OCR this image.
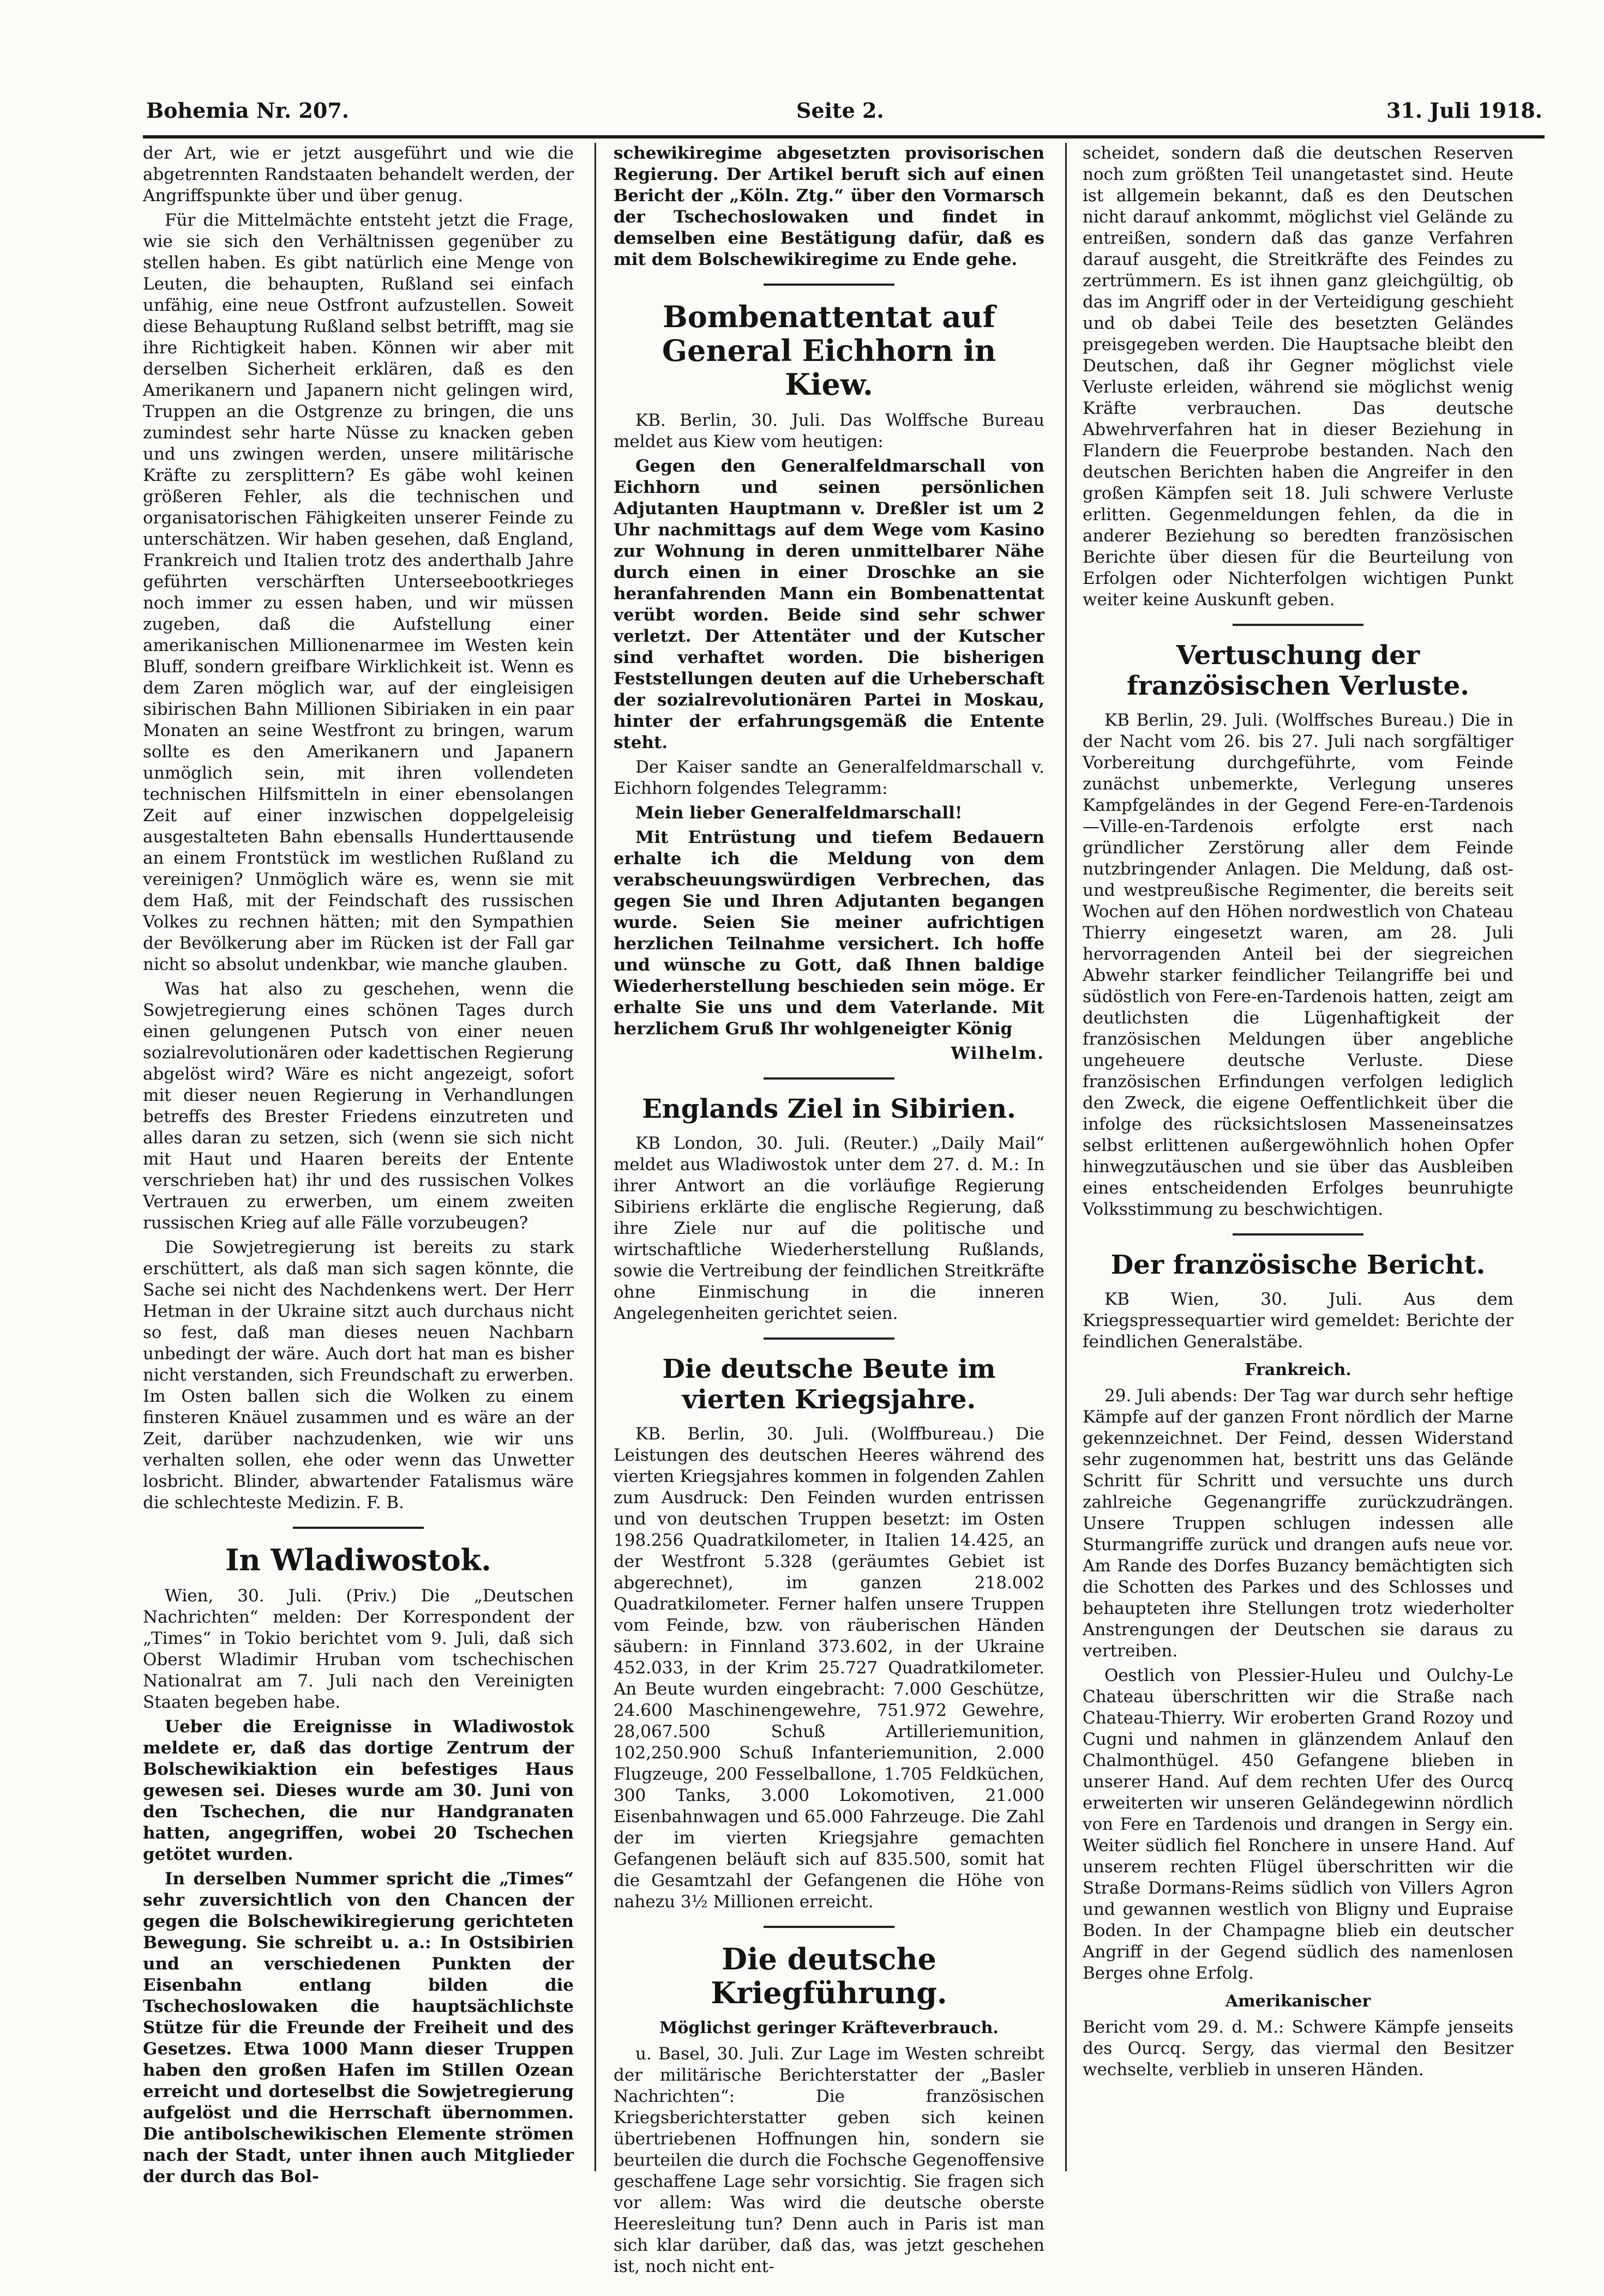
Bohemia Nr. 207.	Seite 2.	31. Juli 1918.

der Art, wie er jetzt ausgeführt und wie die abgetrennten Randstaaten behandelt werden, der Angriffspunkte über und über genug.

Für die Mittelmächte entsteht jetzt die Frage, wie sie sich den Verhältnissen gegenüber zu stellen haben. Es gibt natürlich eine Menge von Leuten, die behaupten, Rußland sei einfach unfähig, eine neue Ostfront aufzustellen. Soweit diese Behauptung Rußland selbst betrifft, mag sie ihre Richtigkeit haben. Können wir aber mit derselben Sicherheit erklären, daß es den Amerikanern und Japanern nicht gelingen wird, Truppen an die Ostgrenze zu bringen, die uns zumindest sehr harte Nüsse zu knacken geben und uns zwingen werden, unsere militärische Kräfte zu zersplittern? Es gäbe wohl keinen größeren Fehler, als die technischen und organisatorischen Fähigkeiten unserer Feinde zu unterschätzen. Wir haben gesehen, daß England, Frankreich und Italien trotz des anderthalb Jahre geführten verschärften Unterseebootkrieges noch immer zu essen haben, und wir müssen zugeben, daß die Aufstellung einer amerikanischen Millionenarmee im Westen kein Bluff, sondern greifbare Wirklichkeit ist. Wenn es dem Zaren möglich war, auf der eingleisigen sibirischen Bahn Millionen Sibiriaken in ein paar Monaten an seine Westfront zu bringen, warum sollte es den Amerikanern und Japanern unmöglich sein, mit ihren vollendeten technischen Hilfsmitteln in einer ebensolangen Zeit auf einer inzwischen doppelgeleisig ausgestalteten Bahn ebensalls Hunderttausende an einem Frontstück im westlichen Rußland zu vereinigen? Unmöglich wäre es, wenn sie mit dem Haß, mit der Feindschaft des russischen Volkes zu rechnen hätten; mit den Sympathien der Bevölkerung aber im Rücken ist der Fall gar nicht so absolut undenkbar, wie manche glauben.

Was hat also zu geschehen, wenn die Sowjetregierung eines schönen Tages durch einen gelungenen Putsch von einer neuen sozialrevolutionären oder kadettischen Regierung abgelöst wird? Wäre es nicht angezeigt, sofort mit dieser neuen Regierung in Verhandlungen betreffs des Brester Friedens einzutreten und alles daran zu setzen, sich (wenn sie sich nicht mit Haut und Haaren bereits der Entente verschrieben hat) ihr und des russischen Volkes Vertrauen zu erwerben, um einem zweiten russischen Krieg auf alle Fälle vorzubeugen?

Die Sowjetregierung ist bereits zu stark erschüttert, als daß man sich sagen könnte, die Sache sei nicht des Nachdenkens wert. Der Herr Hetman in der Ukraine sitzt auch durchaus nicht so fest, daß man dieses neuen Nachbarn unbedingt der wäre. Auch dort hat man es bisher nicht verstanden, sich Freundschaft zu erwerben. Im Osten ballen sich die Wolken zu einem finsteren Knäuel zusammen und es wäre an der Zeit, darüber nachzudenken, wie wir uns verhalten sollen, ehe oder wenn das Unwetter losbricht. Blinder, abwartender Fatalismus wäre die schlechteste Medizin. F. B.

In Wladiwostok.

Wien, 30. Juli. (Priv.) Die „Deutschen Nachrichten“ melden: Der Korrespondent der „Times“ in Tokio berichtet vom 9. Juli, daß sich Oberst Wladimir Hruban vom tschechischen Nationalrat am 7. Juli nach den Vereinigten Staaten begeben habe.

Ueber die Ereignisse in Wladiwostok meldete er, daß das dortige Zentrum der Bolschewikiaktion ein befestiges Haus gewesen sei. Dieses wurde am 30. Juni von den Tschechen, die nur Handgranaten hatten, angegriffen, wobei 20 Tschechen getötet wurden.

In derselben Nummer spricht die „Times“ sehr zuversichtlich von den Chancen der gegen die Bolschewikiregierung gerichteten Bewegung. Sie schreibt u. a.: In Ostsibirien und an verschiedenen Punkten der Eisenbahn entlang bilden die Tschechoslowaken die hauptsächlichste Stütze für die Freunde der Freiheit und des Gesetzes. Etwa 1000 Mann dieser Truppen haben den großen Hafen im Stillen Ozean erreicht und dorteselbst die Sowjetregierung aufgelöst und die Herrschaft übernommen. Die antibolschewikischen Elemente strömen nach der Stadt, unter ihnen auch Mitglieder der durch das Bol-

schewikiregime abgesetzten provisorischen Regierung. Der Artikel beruft sich auf einen Bericht der „Köln. Ztg.“ über den Vormarsch der Tschechoslowaken und findet in demselben eine Bestätigung dafür, daß es mit dem Bolschewikiregime zu Ende gehe.

Bombenattentat auf General Eichhorn in Kiew.

KB. Berlin, 30. Juli. Das Wolffsche Bureau meldet aus Kiew vom heutigen:

Gegen den Generalfeldmarschall von Eichhorn und seinen persönlichen Adjutanten Hauptmann v. Dreßler ist um 2 Uhr nachmittags auf dem Wege vom Kasino zur Wohnung in deren unmittelbarer Nähe durch einen in einer Droschke an sie heranfahrenden Mann ein Bombenattentat verübt worden. Beide sind sehr schwer verletzt. Der Attentäter und der Kutscher sind verhaftet worden. Die bisherigen Feststellungen deuten auf die Urheberschaft der sozialrevolutionären Partei in Moskau, hinter der erfahrungsgemäß die Entente steht.

Der Kaiser sandte an Generalfeldmarschall v. Eichhorn folgendes Telegramm:

Mein lieber Generalfeldmarschall!

Mit Entrüstung und tiefem Bedauern erhalte ich die Meldung von dem verabscheuungswürdigen Verbrechen, das gegen Sie und Ihren Adjutanten begangen wurde. Seien Sie meiner aufrichtigen herzlichen Teilnahme versichert. Ich hoffe und wünsche zu Gott, daß Ihnen baldige Wiederherstellung beschieden sein möge. Er erhalte Sie uns und dem Vaterlande. Mit herzlichem Gruß Ihr wohlgeneigter König

Wilhelm.

Englands Ziel in Sibirien.

KB London, 30. Juli. (Reuter.) „Daily Mail“ meldet aus Wladiwostok unter dem 27. d. M.: In ihrer Antwort an die vorläufige Regierung Sibiriens erklärte die englische Regierung, daß ihre Ziele nur auf die politische und wirtschaftliche Wiederherstellung Rußlands, sowie die Vertreibung der feindlichen Streitkräfte ohne Einmischung in die inneren Angelegenheiten gerichtet seien.

Die deutsche Beute im vierten Kriegsjahre.

KB. Berlin, 30. Juli. (Wolffbureau.) Die Leistungen des deutschen Heeres während des vierten Kriegsjahres kommen in folgenden Zahlen zum Ausdruck: Den Feinden wurden entrissen und von deutschen Truppen besetzt: im Osten 198.256 Quadratkilometer, in Italien 14.425, an der Westfront 5.328 (geräumtes Gebiet ist abgerechnet), im ganzen 218.002 Quadratkilometer. Ferner halfen unsere Truppen vom Feinde, bzw. von räuberischen Händen säubern: in Finnland 373.602, in der Ukraine 452.033, in der Krim 25.727 Quadratkilometer. An Beute wurden eingebracht: 7.000 Geschütze, 24.600 Maschinengewehre, 751.972 Gewehre, 28,067.500 Schuß Artilleriemunition, 102,250.900 Schuß Infanteriemunition, 2.000 Flugzeuge, 200 Fesselballone, 1.705 Feldküchen, 300 Tanks, 3.000 Lokomotiven, 21.000 Eisenbahnwagen und 65.000 Fahrzeuge. Die Zahl der im vierten Kriegsjahre gemachten Gefangenen beläuft sich auf 835.500, somit hat die Gesamtzahl der Gefangenen die Höhe von nahezu 3½ Millionen erreicht.

Die deutsche Kriegführung.
Möglichst geringer Kräfteverbrauch.

u. Basel, 30. Juli. Zur Lage im Westen schreibt der militärische Berichterstatter der „Basler Nachrichten“: Die französischen Kriegsberichterstatter geben sich keinen übertriebenen Hoffnungen hin, sondern sie beurteilen die durch die Fochsche Gegenoffensive geschaffene Lage sehr vorsichtig. Sie fragen sich vor allem: Was wird die deutsche oberste Heeresleitung tun? Denn auch in Paris ist man sich klar darüber, daß das, was jetzt geschehen ist, noch nicht ent-

scheidet, sondern daß die deutschen Reserven noch zum größten Teil unangetastet sind. Heute ist allgemein bekannt, daß es den Deutschen nicht darauf ankommt, möglichst viel Gelände zu entreißen, sondern daß das ganze Verfahren darauf ausgeht, die Streitkräfte des Feindes zu zertrümmern. Es ist ihnen ganz gleichgültig, ob das im Angriff oder in der Verteidigung geschieht und ob dabei Teile des besetzten Geländes preisgegeben werden. Die Hauptsache bleibt den Deutschen, daß ihr Gegner möglichst viele Verluste erleiden, während sie möglichst wenig Kräfte verbrauchen. Das deutsche Abwehrverfahren hat in dieser Beziehung in Flandern die Feuerprobe bestanden. Nach den deutschen Berichten haben die Angreifer in den großen Kämpfen seit 18. Juli schwere Verluste erlitten. Gegenmeldungen fehlen, da die in anderer Beziehung so beredten französischen Berichte über diesen für die Beurteilung von Erfolgen oder Nichterfolgen wichtigen Punkt weiter keine Auskunft geben.

Vertuschung der französischen Verluste.

KB Berlin, 29. Juli. (Wolffsches Bureau.) Die in der Nacht vom 26. bis 27. Juli nach sorgfältiger Vorbereitung durchgeführte, vom Feinde zunächst unbemerkte, Verlegung unseres Kampfgeländes in der Gegend Fere-en-Tardenois—Ville-en-Tardenois erfolgte erst nach gründlicher Zerstörung aller dem Feinde nutzbringender Anlagen. Die Meldung, daß ost- und westpreußische Regimenter, die bereits seit Wochen auf den Höhen nordwestlich von Chateau Thierry eingesetzt waren, am 28. Juli hervorragenden Anteil bei der siegreichen Abwehr starker feindlicher Teilangriffe bei und südöstlich von Fere-en-Tardenois hatten, zeigt am deutlichsten die Lügenhaftigkeit der französischen Meldungen über angebliche ungeheuere deutsche Verluste. Diese französischen Erfindungen verfolgen lediglich den Zweck, die eigene Oeffentlichkeit über die infolge des rücksichtslosen Masseneinsatzes selbst erlittenen außergewöhnlich hohen Opfer hinwegzutäuschen und sie über das Ausbleiben eines entscheidenden Erfolges beunruhigte Volksstimmung zu beschwichtigen.

Der französische Bericht.

KB Wien, 30. Juli. Aus dem Kriegspressequartier wird gemeldet: Berichte der feindlichen Generalstäbe.

Frankreich.

29. Juli abends: Der Tag war durch sehr heftige Kämpfe auf der ganzen Front nördlich der Marne gekennzeichnet. Der Feind, dessen Widerstand sehr zugenommen hat, bestritt uns das Gelände Schritt für Schritt und versuchte uns durch zahlreiche Gegenangriffe zurückzudrängen. Unsere Truppen schlugen indessen alle Sturmangriffe zurück und drangen aufs neue vor. Am Rande des Dorfes Buzancy bemächtigten sich die Schotten des Parkes und des Schlosses und behaupteten ihre Stellungen trotz wiederholter Anstrengungen der Deutschen sie daraus zu vertreiben.

Oestlich von Plessier-Huleu und Oulchy-Le Chateau überschritten wir die Straße nach Chateau-Thierry. Wir eroberten Grand Rozoy und Cugni und nahmen in glänzendem Anlauf den Chalmonthügel. 450 Gefangene blieben in unserer Hand. Auf dem rechten Ufer des Ourcq erweiterten wir unseren Geländegewinn nördlich von Fere en Tardenois und drangen in Sergy ein. Weiter südlich fiel Ronchere in unsere Hand. Auf unserem rechten Flügel überschritten wir die Straße Dormans-Reims südlich von Villers Agron und gewannen westlich von Bligny und Eupraise Boden. In der Champagne blieb ein deutscher Angriff in der Gegend südlich des namenlosen Berges ohne Erfolg.

Amerikanischer

Bericht vom 29. d. M.: Schwere Kämpfe jenseits des Ourcq. Sergy, das viermal den Besitzer wechselte, verblieb in unseren Händen.
